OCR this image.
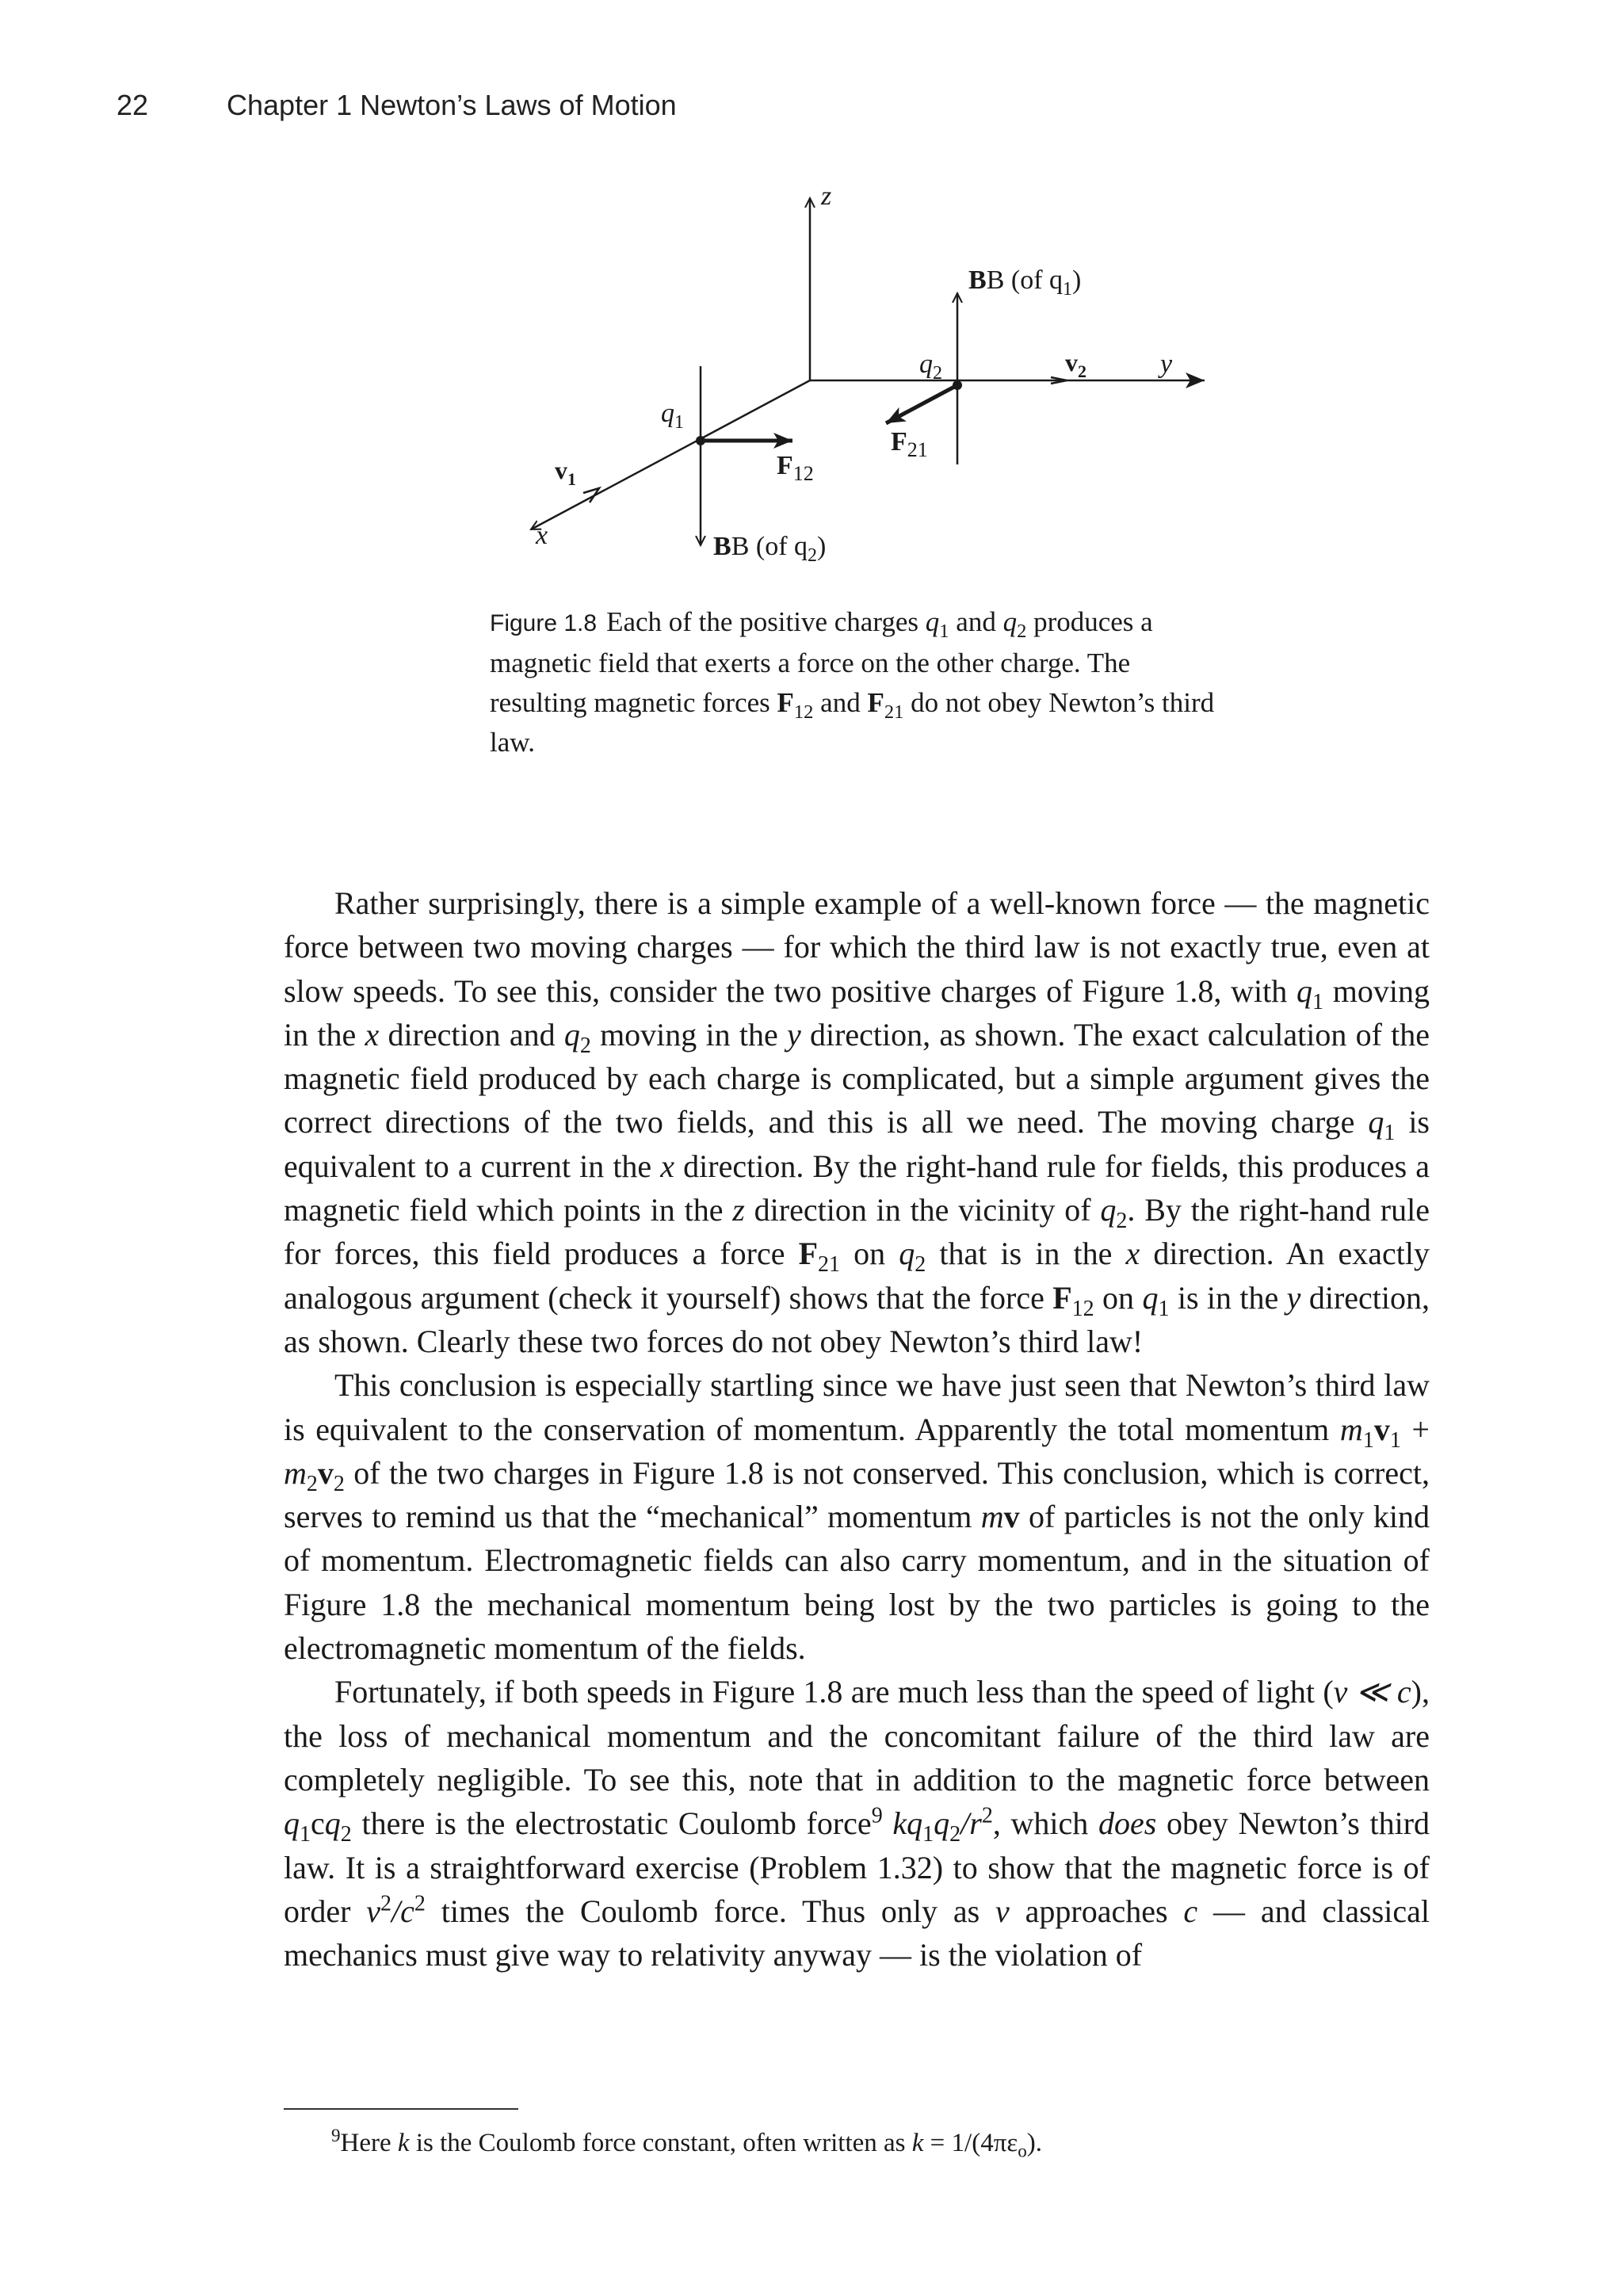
22	Chapter 1 Newton’s Laws of Motion
z
y
x
BB (of $q_1$)
BB (of $q_2$)
$q_1$
$q_2$
$v_1$
$v_2$
$F_{12}$
$F_{21}$
Figure 1.8 Each of the positive charges $q_1$ and $q_2$ produces a magnetic field that exerts a force on the other charge. The resulting magnetic forces $F_{12}$ and $F_{21}$ do not obey Newton’s third law.

Rather surprisingly, there is a simple example of a well-known force — the magnetic force between two moving charges — for which the third law is not exactly true, even at slow speeds. To see this, consider the two positive charges of Figure 1.8, with $q_1$ moving in the x direction and $q_2$ moving in the y direction, as shown. The exact calculation of the magnetic field produced by each charge is complicated, but a simple argument gives the correct directions of the two fields, and this is all we need. The moving charge $q_1$ is equivalent to a current in the x direction. By the right-hand rule for fields, this produces a magnetic field which points in the z direction in the vicinity of $q_2$. By the right-hand rule for forces, this field produces a force $F_{21}$ on $q_2$ that is in the x direction. An exactly analogous argument (check it yourself) shows that the force $F_{12}$ on $q_1$ is in the y direction, as shown. Clearly these two forces do not obey Newton’s third law!

This conclusion is especially startling since we have just seen that Newton’s third law is equivalent to the conservation of momentum. Apparently the total momentum $m_1v_1 + m_2v_2$ of the two charges in Figure 1.8 is not conserved. This conclusion, which is correct, serves to remind us that the “mechanical” momentum mv of particles is not the only kind of momentum. Electromagnetic fields can also carry momentum, and in the situation of Figure 1.8 the mechanical momentum being lost by the two particles is going to the electromagnetic momentum of the fields.

Fortunately, if both speeds in Figure 1.8 are much less than the speed of light (v ≪ c), the loss of mechanical momentum and the concomitant failure of the third law are completely negligible. To see this, note that in addition to the magnetic force between $q_1cq_2$ there is the electrostatic Coulomb force$^9$ $kq_1q_2/r^2$, which does obey Newton’s third law. It is a straightforward exercise (Problem 1.32) to show that the magnetic force is of order $v^2/c^2$ times the Coulomb force. Thus only as v approaches c — and classical mechanics must give way to relativity anyway — is the violation of

$^9$Here k is the Coulomb force constant, often written as $k = 1/(4\pi\varepsilon_o)$.
